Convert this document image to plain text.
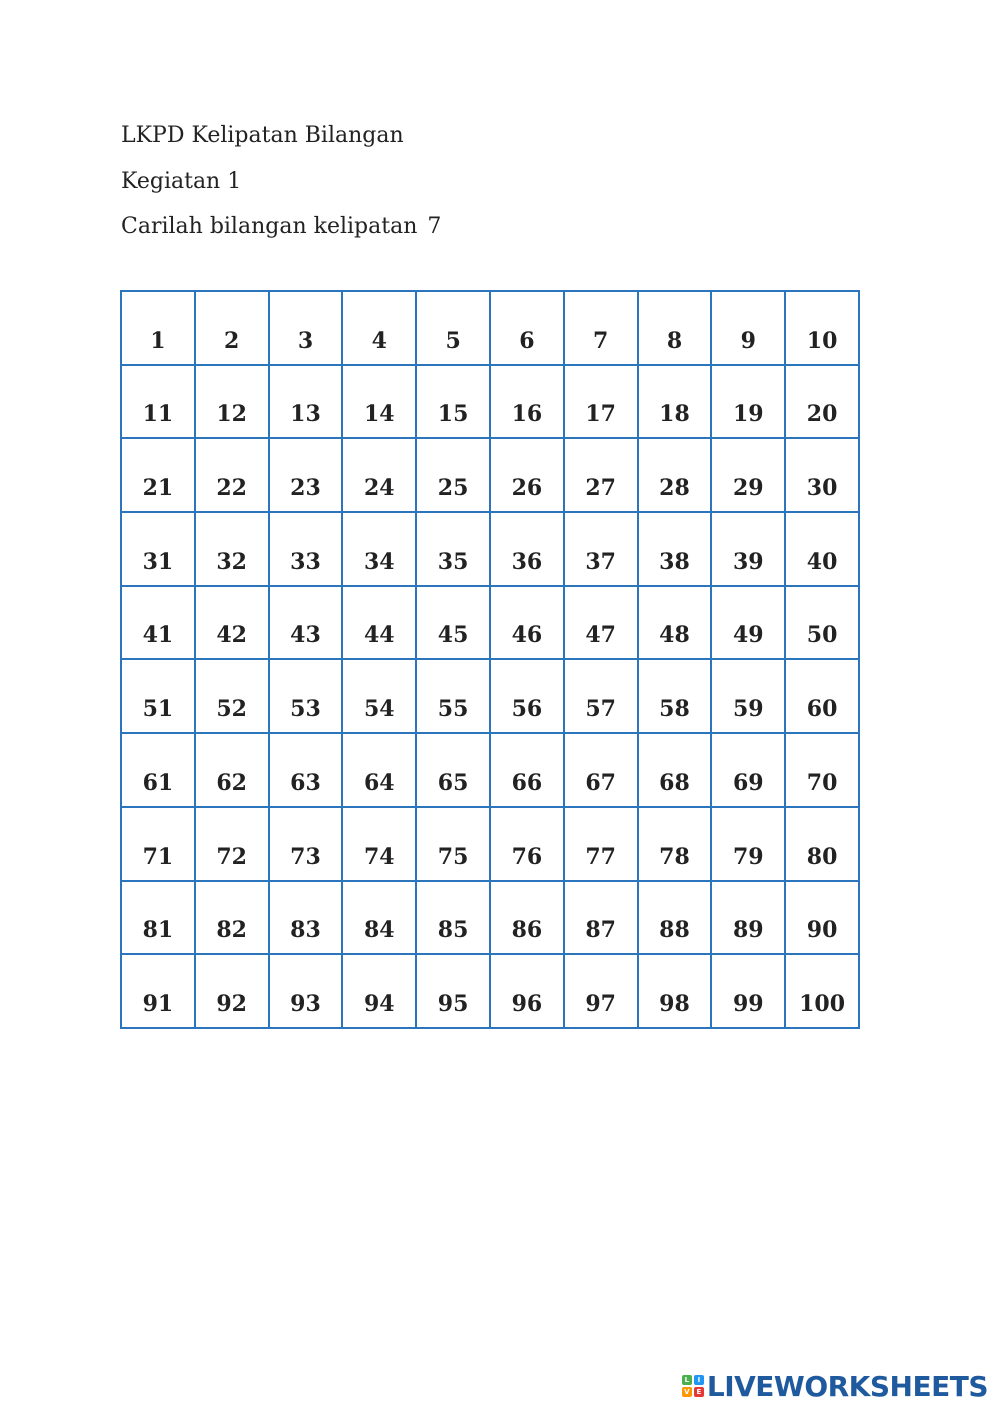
LKPD Kelipatan Bilangan
Kegiatan 1
Carilah bilangan kelipatan 7
1	2	3	4	5	6	7	8	9	10
11	12	13	14	15	16	17	18	19	20
21	22	23	24	25	26	27	28	29	30
31	32	33	34	35	36	37	38	39	40
41	42	43	44	45	46	47	48	49	50
51	52	53	54	55	56	57	58	59	60
61	62	63	64	65	66	67	68	69	70
71	72	73	74	75	76	77	78	79	80
81	82	83	84	85	86	87	88	89	90
91	92	93	94	95	96	97	98	99	100
L	I
V E LIVEWORKSHEETS
